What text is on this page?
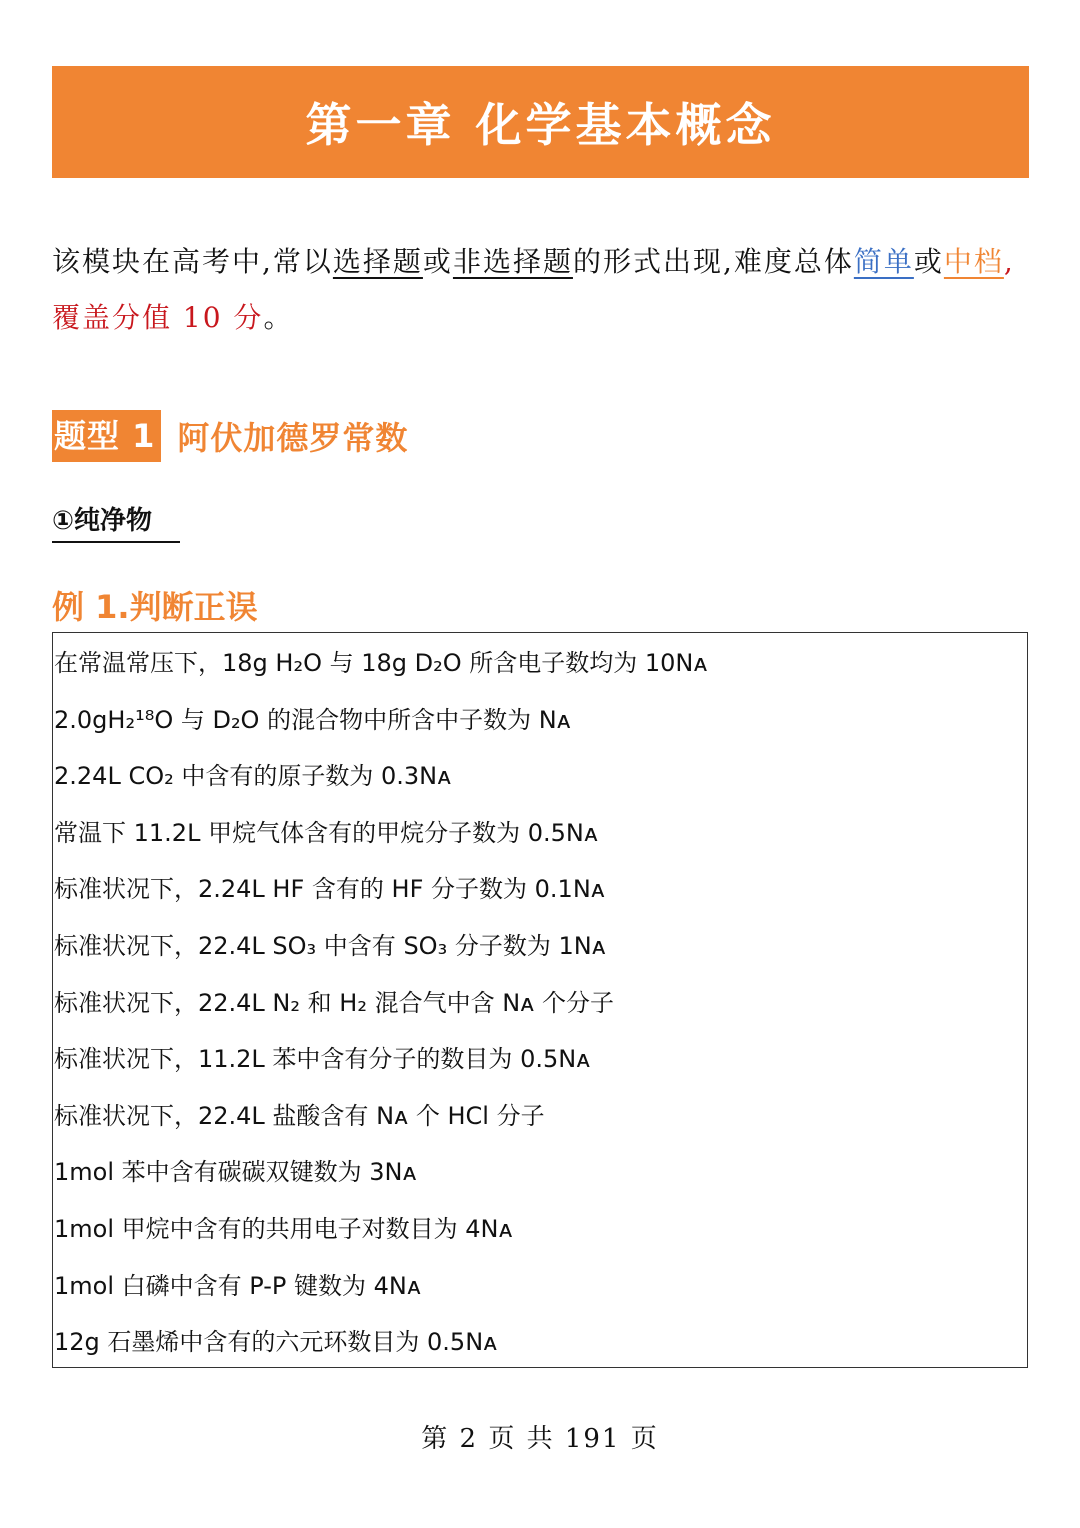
第一章 化学基本概念
该模块在高考中,常以选择题或非选择题的形式出现,难度总体简单或中档,覆盖分值 10 分。
题型 1 阿伏加德罗常数
①纯净物
例 1.判断正误
在常温常压下，18g H₂O 与 18g D₂O 所含电子数均为 10Nᴀ
2.0gH₂¹⁸O 与 D₂O 的混合物中所含中子数为 Nᴀ
2.24L CO₂ 中含有的原子数为 0.3Nᴀ
常温下 11.2L 甲烷气体含有的甲烷分子数为 0.5Nᴀ
标准状况下，2.24L HF 含有的 HF 分子数为 0.1Nᴀ
标准状况下，22.4L SO₃ 中含有 SO₃ 分子数为 1Nᴀ
标准状况下，22.4L N₂ 和 H₂ 混合气中含 Nᴀ 个分子
标准状况下，11.2L 苯中含有分子的数目为 0.5Nᴀ
标准状况下，22.4L 盐酸含有 Nᴀ 个 HCl 分子
1mol 苯中含有碳碳双键数为 3Nᴀ
1mol 甲烷中含有的共用电子对数目为 4Nᴀ
1mol 白磷中含有 P-P 键数为 4Nᴀ
12g 石墨烯中含有的六元环数目为 0.5Nᴀ
第 2 页 共 191 页
